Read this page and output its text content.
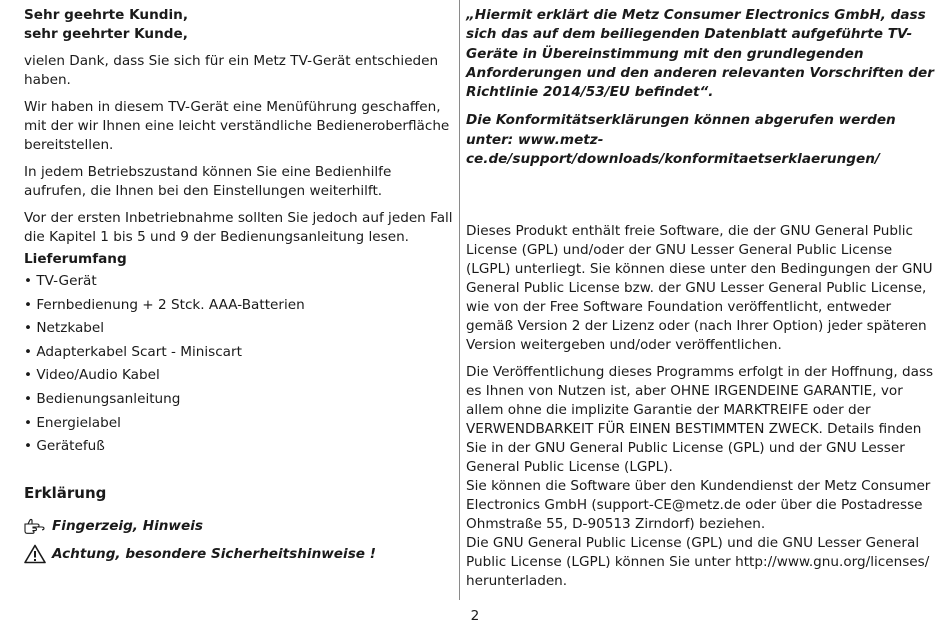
Sehr geehrte Kundin,
sehr geehrter Kunde,

vielen Dank, dass Sie sich für ein Metz TV-Gerät entschieden haben.

Wir haben in diesem TV-Gerät eine Menüführung geschaffen, mit der wir Ihnen eine leicht verständliche Bedieneroberfläche bereitstellen.

In jedem Betriebszustand können Sie eine Bedienhilfe aufrufen, die Ihnen bei den Einstellungen weiterhilft.

Vor der ersten Inbetriebnahme sollten Sie jedoch auf jeden Fall die Kapitel 1 bis 5 und 9 der Bedienungsanleitung lesen.

Lieferumfang
• TV-Gerät
• Fernbedienung + 2 Stck. AAA-Batterien
• Netzkabel
• Adapterkabel Scart - Miniscart
• Video/Audio Kabel
• Bedienungsanleitung
• Energielabel
• Gerätefuß
Erklärung
Fingerzeig, Hinweis
Achtung, besondere Sicherheitshinweise !

„Hiermit erklärt die Metz Consumer Electronics GmbH, dass sich das auf dem beiliegenden Datenblatt aufgeführte TV-Geräte in Übereinstimmung mit den grundlegenden Anforderungen und den anderen relevanten Vorschriften der Richtlinie 2014/53/EU befindet“.

Die Konformitätserklärungen können abgerufen werden unter: www.metz-ce.de/support/downloads/konformitaetserklaerungen/

Dieses Produkt enthält freie Software, die der GNU General Public License (GPL) und/oder der GNU Lesser General Public License (LGPL) unterliegt. Sie können diese unter den Bedingungen der GNU General Public License bzw. der GNU Lesser General Public License, wie von der Free Software Foundation veröffentlicht, entweder gemäß Version 2 der Lizenz oder (nach Ihrer Option) jeder späteren Version weitergeben und/oder veröffentlichen.

Die Veröffentlichung dieses Programms erfolgt in der Hoffnung, dass es Ihnen von Nutzen ist, aber OHNE IRGENDEINE GARANTIE, vor allem ohne die implizite Garantie der MARKTREIFE oder der VERWENDBARKEIT FÜR EINEN BESTIMMTEN ZWECK. Details finden Sie in der GNU General Public License (GPL) und der GNU Lesser General Public License (LGPL).

Sie können die Software über den Kundendienst der Metz Consumer Electronics GmbH (support-CE@metz.de oder über die Postadresse Ohmstraße 55, D-90513 Zirndorf) beziehen.

Die GNU General Public License (GPL) und die GNU Lesser General Public License (LGPL) können Sie unter http://www.gnu.org/licenses/ herunterladen.

2
